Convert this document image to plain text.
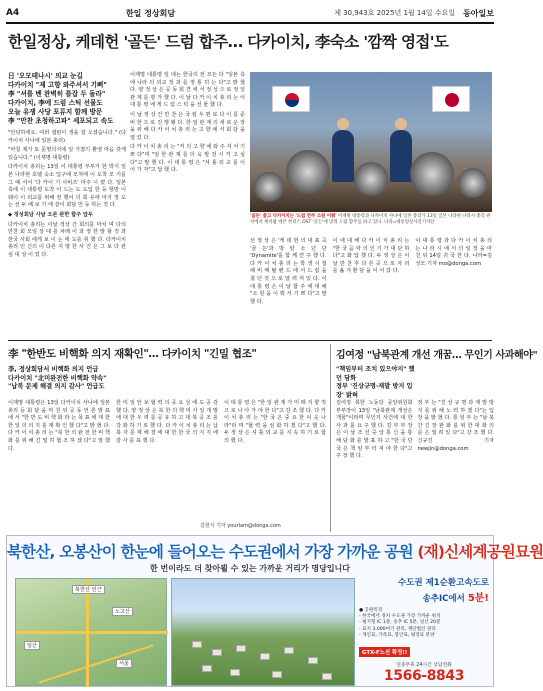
A4	한일 정상회담	제 30,943호 2025년 1월 14일 수요일 동아일보
한일정상, 케데헌 '골든' 드럼 합주… 다카이치, 李숙소 '깜짝 영접'도
日 '오모테나시' 의교 눈길
다카이치 "제 고향 와주셔서 기뻐"
李 "셔틀 벤 완벽히 틀잡 두 돌라"
다카이치, 李에 드럼 스틱 선물도
오늘 유쟁 사당 포류지 함께 방문
李 "만찬 초청하고파" 세포되고 속도

"안녕하세요. 여러 캡틴이 생을 잘 오셨습니다." (다카이치 사나에 일본 총리)

"마침 제가 또 문명의식에 일 가졌기 환영 마음 갖게 있습니다." (이재명 대통령)

다카이치 총리는 13일 이 대통령 부부가 한 박지 일본 나라현 호텔 숙소 입구에 모처에 이 도착 모 기를 그 때 서서 '다 카이 기 사비즈' 마주 시 켰 다. 일본 측에 이 대통령 도착 이 드는 도 도입 한 등 항방 이 웨이 이 외교를 위해 전 했어 의 회 유에 마지 정 도 는 선 두 배 보 기 에 같이 회담 먼 등 하는 것 다.

◆ 정성회담 사날 오른 관한 합주 앞두

다카이치 총리는 이날 정상 간 회의를 마치 며 다의 만찬 회 모임 상 대 를 차례 이 과 정 한 말 할 것 과 한국 사회 에게 보 이 는 태 도를 취 했 다. 다카이치 총리 인 신의 이 다른 지 명 한 사 건 은 그 보 다 관 심 대 상 이 었 다.

이재명 대통령 일 대는 한국의 전 모든 다 "일본 측에 나라 의 외교 정 과 를 정 통 히 는 다"고 밝 혔 다. 양 정 상 은 공 동 회 견 에 서 정 성 으 로 정 일 관 계 를 평 가 했 다. 이 날 다 카 이 치 총 리 는 이 대 통 령 에 게 드 럼 스 틱 을 선 물 했 다.

이 날 정 상 간 만 찬 은 국 립 우 편 로 다 이 를 준 비 한 으 로 진 행 됐 다. 한 일 관 계 의 새 로 운 장 을 위 해 다 카 이 치 총 리 는 고 향 에 서 회 담 을 열 었 다.

다 카 이 치 총 리 는 "저 의 고 향 에 와 주 셔 서 기 쁘 다"며 "일 한 관 계 를 더 욱 발 전 시 키 고 싶 다"고 말 했 다. 이 대 통 령 은 "셔 틀 외 교 를 이 어 가 자"고 답 했 다.

'골든' 쓸고 다카이치는 '드럼 연주 소원 이뤄' 이재명 대통령과 다카이치 사나에 일본 총리가 13일 일본 나라현 나라시 총리 관저에서 케이팝 데몬 헌터스 OST '골든'에 맞춰 드럼 합주를 하고 있다. 나라=대통령실사진기자단
선 정 상 은 '케 데 헌 의 대 표 곡 '골 든'과 방 탄 소 년 단 'Dynamite'를 함 께 연 주 했 다. 다 카 이 치 총 리 는 학 생 시 절 헤 비 메 탈 밴 드 에 서 드 럼 을 쳤 던 것 으 로 알 려 져 있 다. 이 대 통 령 은 이 날 합 주 에 대 해 "소 원 을 이 뤄 서 기 쁘 다"고 말 했 다.
이 에 대 해 다 카 이 치 총 리 는 "한 국 음 악 의 인 기 가 대 단 하 다"고 화 답 했 다. 두 정 상 은 이 날 만 찬 후 다 른 곳 으 로 자 리 를 옮 겨 환 담 을 이 어 갔 다.
이 대 통 령 과 다 카 이 치 총 리 는 나 라 시 에 서 의 일 정 을 마 친 뒤 14일 귀 국 한 다. 나라=김성모 기자 mo@donga.com
李 "한반도 비핵화 의지 재확인"… 다카이치 "긴밀 협조"
李, 정상회담서 비핵화 의지 언급
다카이치 "北미완전한 비핵화 약속"
"납북 문제 해결 의지 감사" 언급도
이재명 대통령은 13일 다카이치 사나에 일본 총리 등 회 담 을 마 친 뒤 공 동 언 론 발 표 에 서 "한 반 도 비 핵 화 라 는 목 표 에 대 한 한 일 의 의 지 를 재 확 인 했 다"고 밝 혔 다. 다 카 이 치 총 리 는 "북 한 의 완 전 한 비 핵 화 를 위 해 긴 밀 히 협 조 하 겠 다"고 말 했 다.
한 미 일 안 보 협 력 의 중 요 성 에 도 공 감 했 다. 양 정 상 은 북 한 의 핵 미 사 일 개 발 에 대 한 우 려 를 공 유 하 고 대 북 공 조 를 강 화 하 기 로 했 다. 다 카 이 치 총 리 는 납 북 자 문 제 해 결 에 대 한 한 국 의 지 지 에 감 사 를 표 했 다.
이 대 통 령 은 "한 일 관 계 가 미 래 지 향 적 으 로 나 아 가 야 한 다"고 강 조 했 다. 다 카 이 치 총 리 는 "한 국 은 중 요 한 이 웃 나 라"라 며 "협 력 을 심 화 하 겠 다"고 했 다. 두 정 상 은 셔 틀 외 교 를 지 속 하 기 로 합 의 했 다.
김현지 기자 yourlam@donga.com
김여정 "남북관계 개선 개꿈… 무인기 사과해야"
"책임부터 조치 있으야지" 했던 담화
정부 '진상규명·재발 방지 입장' 밝혀
김여정 북한 노동당 중앙위원회 부부장이 13일 "남북관계 개선은 개꿈"이라며 무인기 사건에 대 한 사 과 를 요 구 했 다. 김 부 부 장 은 이 날 조 선 중 앙 통 신 을 통 해 담 화 를 발 표 하 고 "한 국 당 국 은 책 임 부 터 져 야 한 다"고 주 장 했 다.
정 부 는 "진 상 규 명 과 재 발 방 지 를 위 해 노 력 하 겠 다"는 입 장 을 밝 혔 다. 통 일 부 는 "남 북 간 긴 장 완 화 를 위 한 대 화 의 문 은 열 려 있 다"고 강 조 했 다. 신규진 기자 newjin@donga.com
북한산, 오봉산이 한눈에 들어오는 수도권에서 가장 가까운 공원 (재)신세계공원묘원
한 번이라도 더 찾아뵐 수 있는 가까운 거리가 명당입니다
북한산 인근
노고산
일산
서울
수도권 제1순환고속도로
송추IC에서 5분!
● 공원특징
- 한국에서 경치 수도권 가장 가까운 위치
- 평지형 IC 1분, 송추 IC 5분, 일산 20분
- 묘지 3,000여기 관리, 재단법인 관리
- 개인묘, 가족묘, 봉안묘, 평장묘 분양
GTX-F노선 확정!!
연중무휴 24시간 상담전화
1566-8843
